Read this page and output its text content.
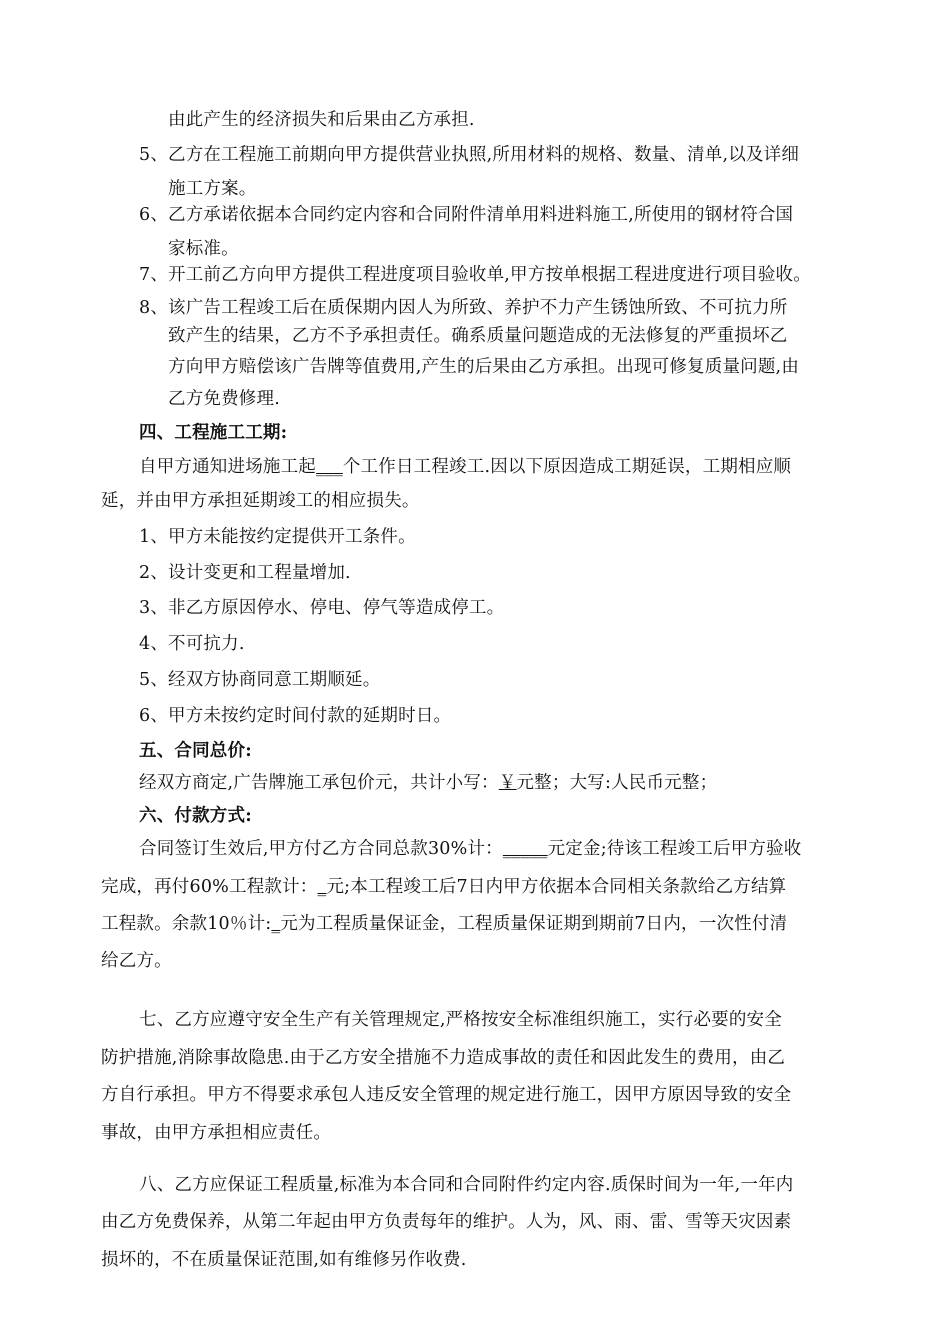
由此产生的经济损失和后果由乙方承担.
5、 乙方在工程施工前期向甲方提供营业执照,所用材料的规格、数量、清单,以及详细
施工方案。
6、 乙方承诺依据本合同约定内容和合同附件清单用料进料施工,所使用的钢材符合国
家标准。
7、 开工前乙方向甲方提供工程进度项目验收单,甲方按单根据工程进度进行项目验收。
8、 该广告工程竣工后在质保期内因人为所致、养护不力产生锈蚀所致、不可抗力所
致产生的结果，乙方不予承担责任。确系质量问题造成的无法修复的严重损坏乙
方向甲方赔偿该广告牌等值费用,产生的后果由乙方承担。出现可修复质量问题,由
乙方免费修理.
四、工程施工工期:
自甲方通知进场施工起___个工作日工程竣工.因以下原因造成工期延误，工期相应顺
延，并由甲方承担延期竣工的相应损失。
1、甲方未能按约定提供开工条件。
2、设计变更和工程量增加.
3、非乙方原因停水、停电、停气等造成停工。
4、不可抗力.
5、经双方协商同意工期顺延。
6、甲方未按约定时间付款的延期时日。
五、合同总价:
经双方商定,广告牌施工承包价元，共计小写：￥元整；大写:人民币元整；
六、付款方式:
合同签订生效后,甲方付乙方合同总款30%计：_____元定金;待该工程竣工后甲方验收
完成，再付60%工程款计：_元;本工程竣工后7日内甲方依据本合同相关条款给乙方结算
工程款。余款10％计:_元为工程质量保证金，工程质量保证期到期前7日内，一次性付清
给乙方。
七、乙方应遵守安全生产有关管理规定,严格按安全标准组织施工，实行必要的安全
防护措施,消除事故隐患.由于乙方安全措施不力造成事故的责任和因此发生的费用，由乙
方自行承担。甲方不得要求承包人违反安全管理的规定进行施工，因甲方原因导致的安全
事故，由甲方承担相应责任。
八、乙方应保证工程质量,标准为本合同和合同附件约定内容.质保时间为一年,一年内
由乙方免费保养，从第二年起由甲方负责每年的维护。人为，风、雨、雷、雪等天灾因素
损坏的，不在质量保证范围,如有维修另作收费.
